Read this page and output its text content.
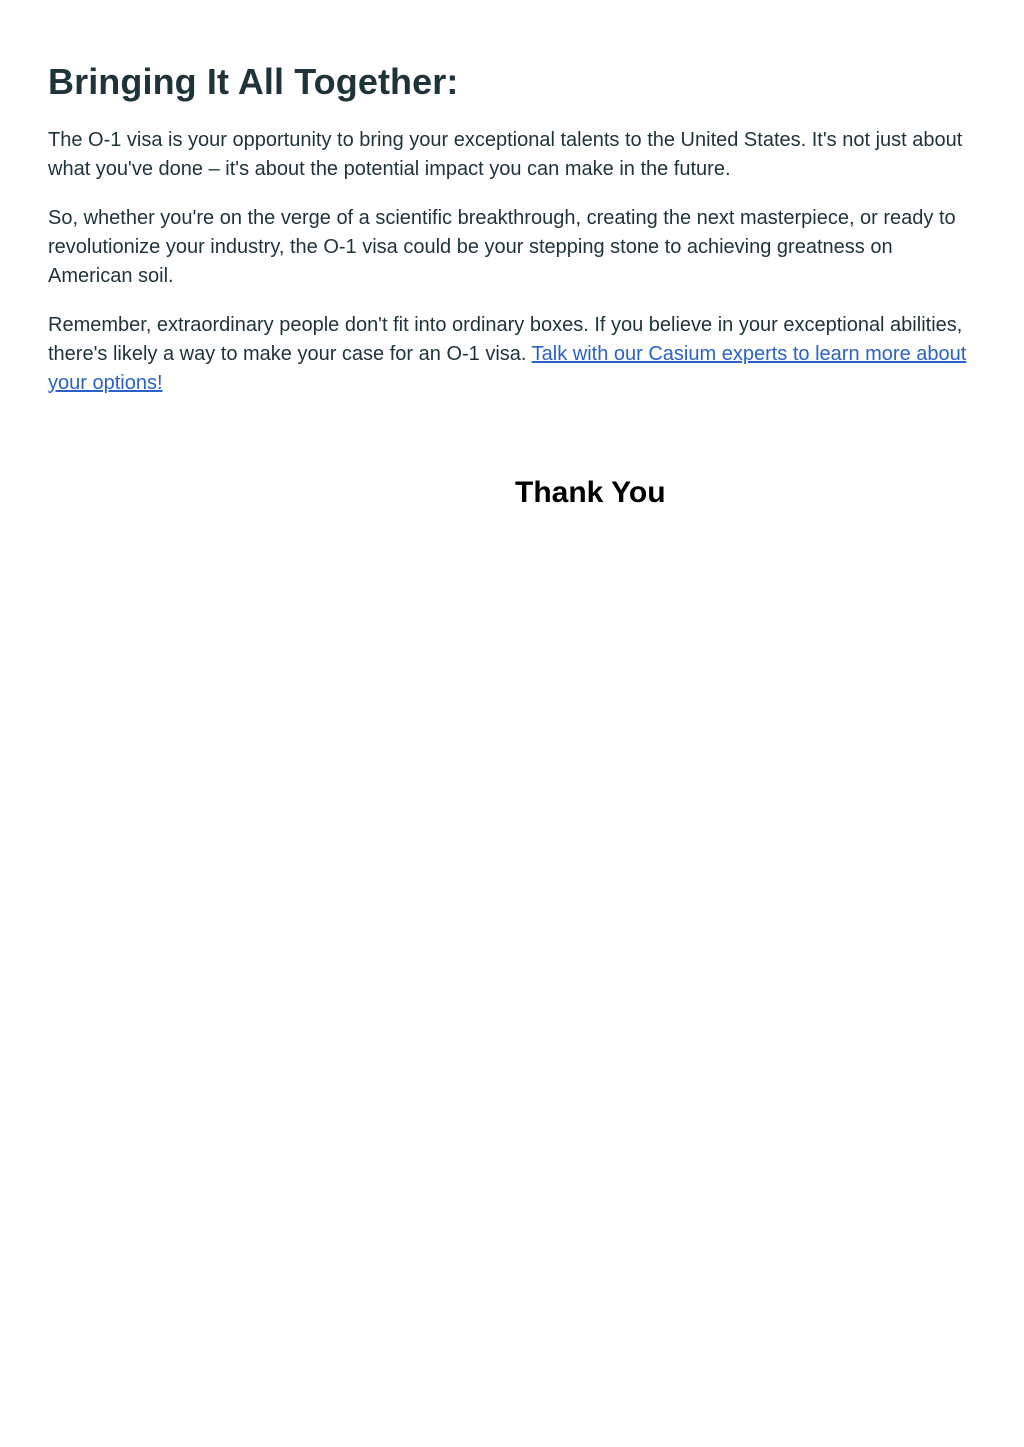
Bringing It All Together:

The O-1 visa is your opportunity to bring your exceptional talents to the United States. It's not just about what you've done – it's about the potential impact you can make in the future.

So, whether you're on the verge of a scientific breakthrough, creating the next masterpiece, or ready to revolutionize your industry, the O-1 visa could be your stepping stone to achieving greatness on American soil.

Remember, extraordinary people don't fit into ordinary boxes. If you believe in your exceptional abilities, there's likely a way to make your case for an O-1 visa. Talk with our Casium experts to learn more about your options!

Thank You
